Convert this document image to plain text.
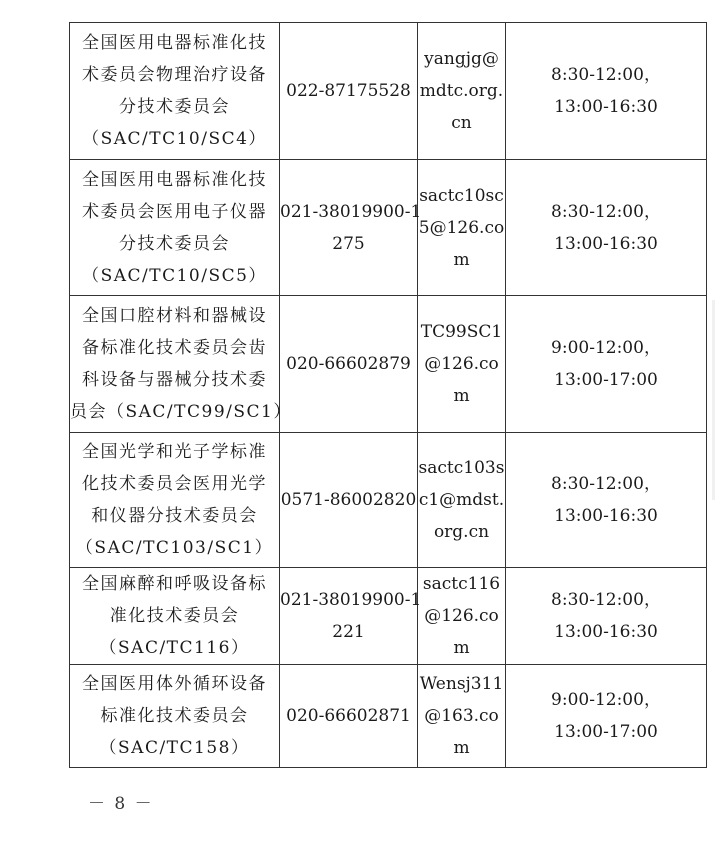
全国医用电器标准化技
术委员会物理治疗设备
分技术委员会
（SAC/TC10/SC4）	022-87175528	yangjg@
mdtc.org.
cn	8:30-12:00，
13:00-16:30

全国医用电器标准化技
术委员会医用电子仪器
分技术委员会
（SAC/TC10/SC5）	021-38019900-1
275	sactc10sc
5@126.co
m	8:30-12:00，
13:00-16:30

全国口腔材料和器械设
备标准化技术委员会齿
科设备与器械分技术委
员会（SAC/TC99/SC1）	020-66602879	TC99SC1
@126.co
m	9:00-12:00，
13:00-17:00

全国光学和光子学标准
化技术委员会医用光学
和仪器分技术委员会
（SAC/TC103/SC1）	0571-86002820	sactc103s
c1@mdst.
org.cn	8:30-12:00，
13:00-16:30

全国麻醉和呼吸设备标
准化技术委员会
（SAC/TC116）	021-38019900-1
221	sactc116
@126.co
m	8:30-12:00，
13:00-16:30

全国医用体外循环设备
标准化技术委员会
（SAC/TC158）	020-66602871	Wensj311
@163.co
m	9:00-12:00，
13:00-17:00
－ 8 －
